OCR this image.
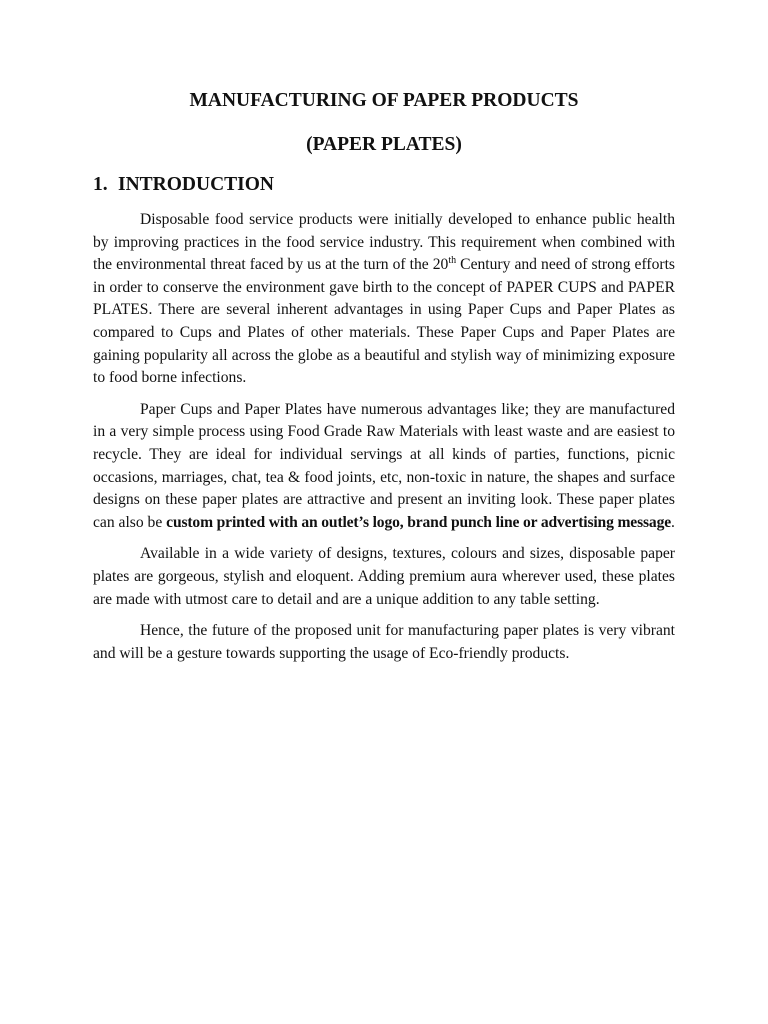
MANUFACTURING OF PAPER PRODUCTS
(PAPER PLATES)
1. INTRODUCTION

Disposable food service products were initially developed to enhance public health by improving practices in the food service industry. This requirement when combined with the environmental threat faced by us at the turn of the 20th Century and need of strong efforts in order to conserve the environment gave birth to the concept of PAPER CUPS and PAPER PLATES. There are several inherent advantages in using Paper Cups and Paper Plates as compared to Cups and Plates of other materials. These Paper Cups and Paper Plates are gaining popularity all across the globe as a beautiful and stylish way of minimizing exposure to food borne infections.

Paper Cups and Paper Plates have numerous advantages like; they are manufactured in a very simple process using Food Grade Raw Materials with least waste and are easiest to recycle. They are ideal for individual servings at all kinds of parties, functions, picnic occasions, marriages, chat, tea & food joints, etc, non-toxic in nature, the shapes and surface designs on these paper plates are attractive and present an inviting look. These paper plates can also be custom printed with an outlet’s logo, brand punch line or advertising message.

Available in a wide variety of designs, textures, colours and sizes, disposable paper plates are gorgeous, stylish and eloquent. Adding premium aura wherever used, these plates are made with utmost care to detail and are a unique addition to any table setting.

Hence, the future of the proposed unit for manufacturing paper plates is very vibrant and will be a gesture towards supporting the usage of Eco-friendly products.
